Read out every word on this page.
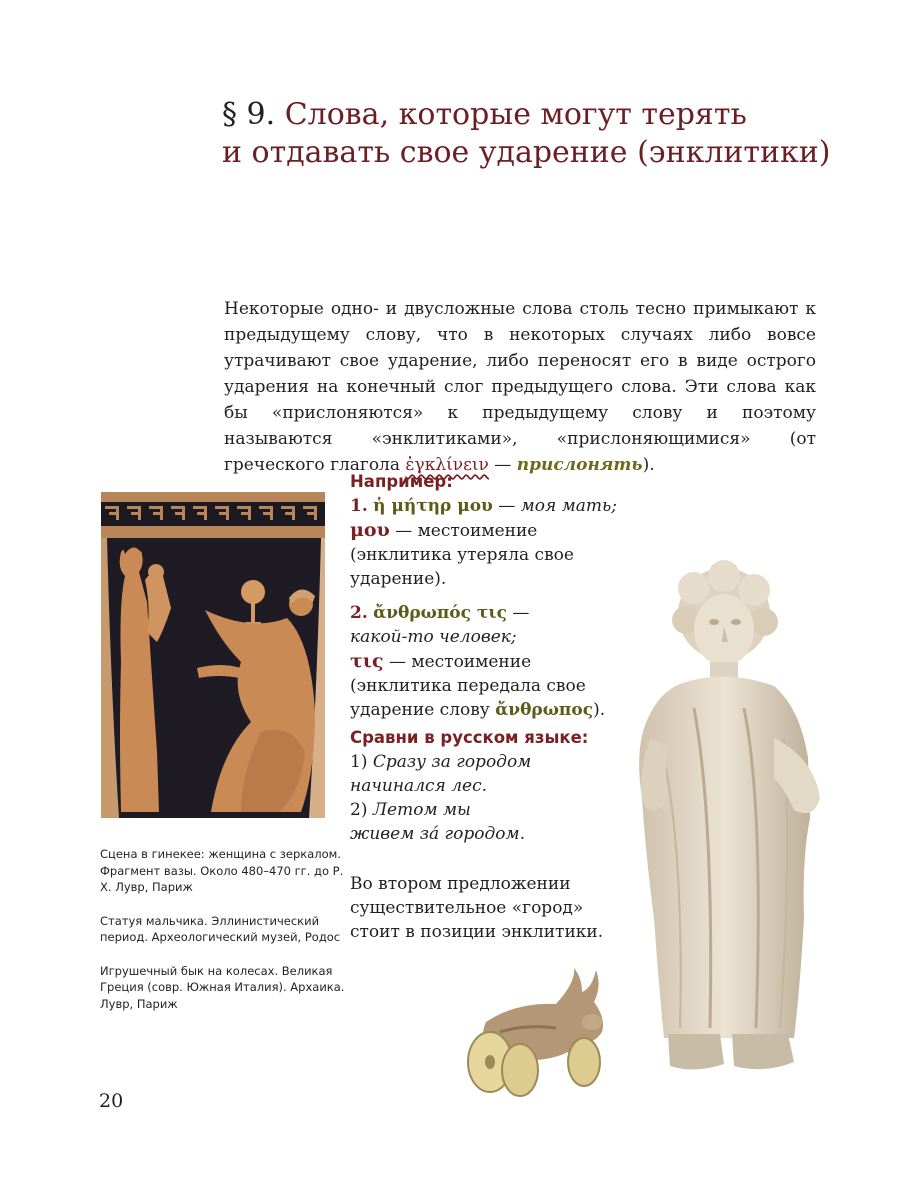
§ 9. Слова, которые могут терять
и отдавать свое ударение (энклитики)

Некоторые одно- и двусложные слова столь тесно примыкают к предыдущему слову, что в некоторых случаях либо вовсе утрачивают свое ударение, либо переносят его в виде острого ударения на конечный слог предыдущего слова. Эти слова как бы «прислоняются» к предыдущему слову и поэтому называются «энклитиками», «прислоняющимися» (от греческого глагола ἐγκλίνειν — прислонять).

Например:

1. ἡ μήτηρ μου — моя мать;

μου — местоимение (энклитика утеряла свое ударение).

2. ἄνθρωπός τις —
какой-то человек;

τις — местоимение (энклитика передала свое ударение слову ἄνθρωπος).

Сравни в русском языке:

1) Сразу за городом начинался лес.

2) Летом мы живем за́ городом.

Во втором предложении существительное «город» стоит в позиции энклитики.

Сцена в гинекее: женщина с зеркалом. Фрагмент вазы. Около 480–470 гг. до Р. Х. Лувр, Париж

Статуя мальчика. Эллинистический период. Археологический музей, Родос

Игрушечный бык на колесах. Великая Греция (совр. Южная Италия). Архаика. Лувр, Париж

20
